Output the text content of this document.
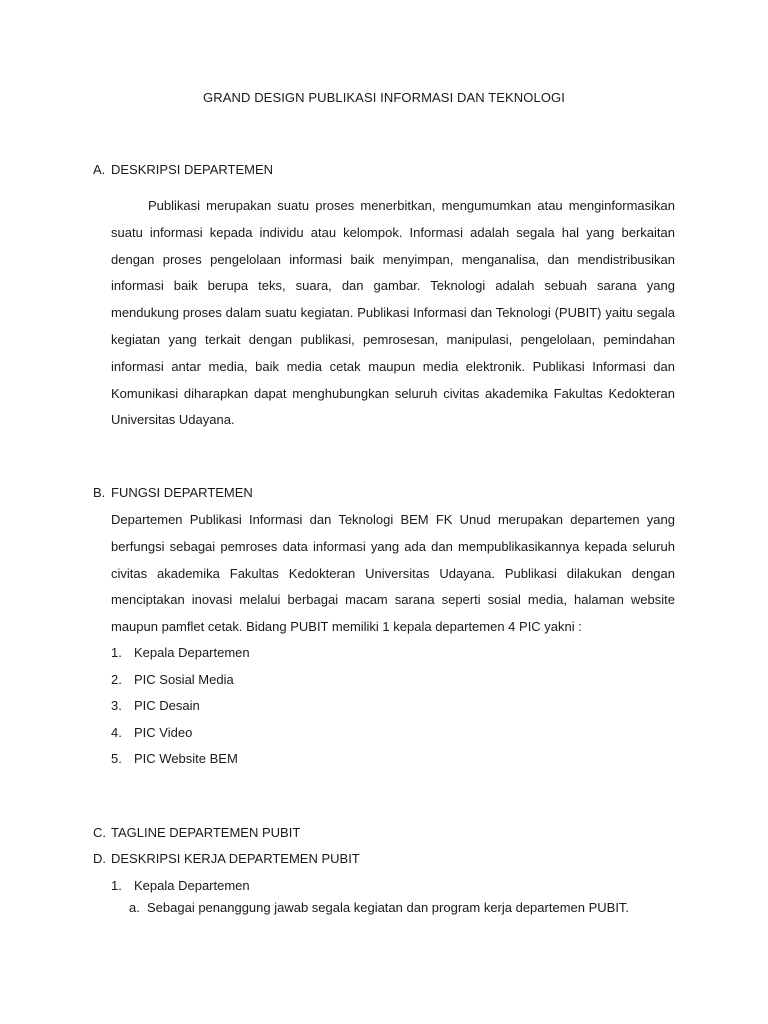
GRAND DESIGN PUBLIKASI INFORMASI DAN TEKNOLOGI
A. DESKRIPSI DEPARTEMEN
Publikasi merupakan suatu proses menerbitkan, mengumumkan atau menginformasikan suatu informasi kepada individu atau kelompok. Informasi adalah segala hal yang berkaitan dengan proses pengelolaan informasi baik menyimpan, menganalisa, dan mendistribusikan informasi baik berupa teks, suara, dan gambar. Teknologi adalah sebuah sarana yang mendukung proses dalam suatu kegiatan. Publikasi Informasi dan Teknologi (PUBIT) yaitu segala kegiatan yang terkait dengan publikasi, pemrosesan, manipulasi, pengelolaan, pemindahan informasi antar media, baik media cetak maupun media elektronik. Publikasi Informasi dan Komunikasi diharapkan dapat menghubungkan seluruh civitas akademika Fakultas Kedokteran Universitas Udayana.
B. FUNGSI DEPARTEMEN
Departemen Publikasi Informasi dan Teknologi BEM FK Unud merupakan departemen yang berfungsi sebagai pemroses data informasi yang ada dan mempublikasikannya kepada seluruh civitas akademika Fakultas Kedokteran Universitas Udayana. Publikasi dilakukan dengan menciptakan inovasi melalui berbagai macam sarana seperti sosial media, halaman website maupun pamflet cetak. Bidang PUBIT memiliki 1 kepala departemen 4 PIC yakni :
1. Kepala Departemen
2. PIC Sosial Media
3. PIC Desain
4. PIC Video
5. PIC Website BEM
C. TAGLINE DEPARTEMEN PUBIT
D. DESKRIPSI KERJA DEPARTEMEN PUBIT
1. Kepala Departemen
a. Sebagai penanggung jawab segala kegiatan dan program kerja departemen PUBIT.
